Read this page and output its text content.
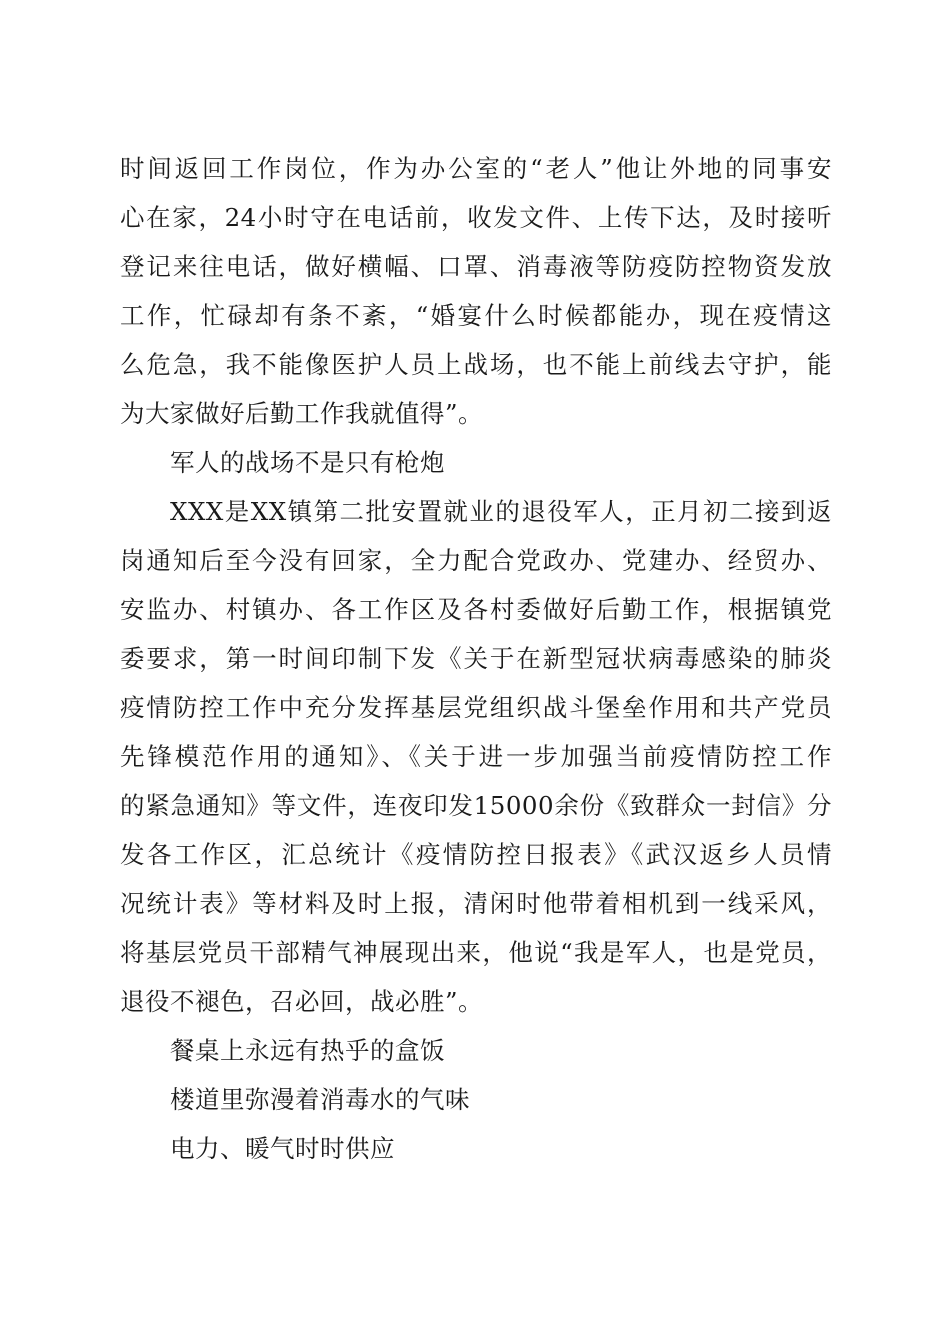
时间返回工作岗位，作为办公室的“老人”他让外地的同事安
心在家，24小时守在电话前，收发文件、上传下达，及时接听
登记来往电话，做好横幅、口罩、消毒液等防疫防控物资发放
工作，忙碌却有条不紊，“婚宴什么时候都能办，现在疫情这
么危急，我不能像医护人员上战场，也不能上前线去守护，能
为大家做好后勤工作我就值得”。
军人的战场不是只有枪炮
XXX是XX镇第二批安置就业的退役军人，正月初二接到返
岗通知后至今没有回家，全力配合党政办、党建办、经贸办、
安监办、村镇办、各工作区及各村委做好后勤工作，根据镇党
委要求，第一时间印制下发《关于在新型冠状病毒感染的肺炎
疫情防控工作中充分发挥基层党组织战斗堡垒作用和共产党员
先锋模范作用的通知》、《关于进一步加强当前疫情防控工作
的紧急通知》等文件，连夜印发15000余份《致群众一封信》分
发各工作区，汇总统计《疫情防控日报表》《武汉返乡人员情
况统计表》等材料及时上报，清闲时他带着相机到一线采风，
将基层党员干部精气神展现出来，他说“我是军人，也是党员，
退役不褪色，召必回，战必胜”。
餐桌上永远有热乎的盒饭
楼道里弥漫着消毒水的气味
电力、暖气时时供应
